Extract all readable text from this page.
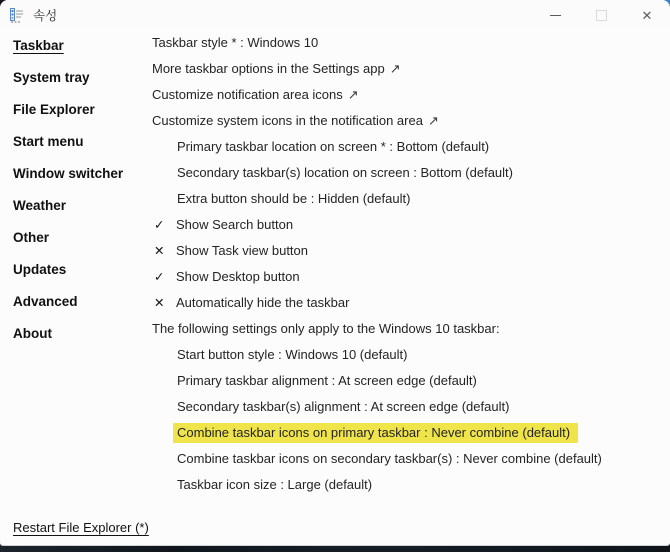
속성	✕
Taskbar
System tray
File Explorer
Start menu
Window switcher
Weather
Other
Updates
Advanced
About
Taskbar style * : Windows 10
More taskbar options in the Settings app ↗
Customize notification area icons ↗
Customize system icons in the notification area ↗
Primary taskbar location on screen * : Bottom (default)
Secondary taskbar(s) location on screen : Bottom (default)
Extra button should be : Hidden (default)
✓ Show Search button
✕ Show Task view button
✓ Show Desktop button
✕ Automatically hide the taskbar
The following settings only apply to the Windows 10 taskbar:
Start button style : Windows 10 (default)
Primary taskbar alignment : At screen edge (default)
Secondary taskbar(s) alignment : At screen edge (default)
Combine taskbar icons on primary taskbar : Never combine (default)
Combine taskbar icons on secondary taskbar(s) : Never combine (default)
Taskbar icon size : Large (default)
Restart File Explorer (*)
